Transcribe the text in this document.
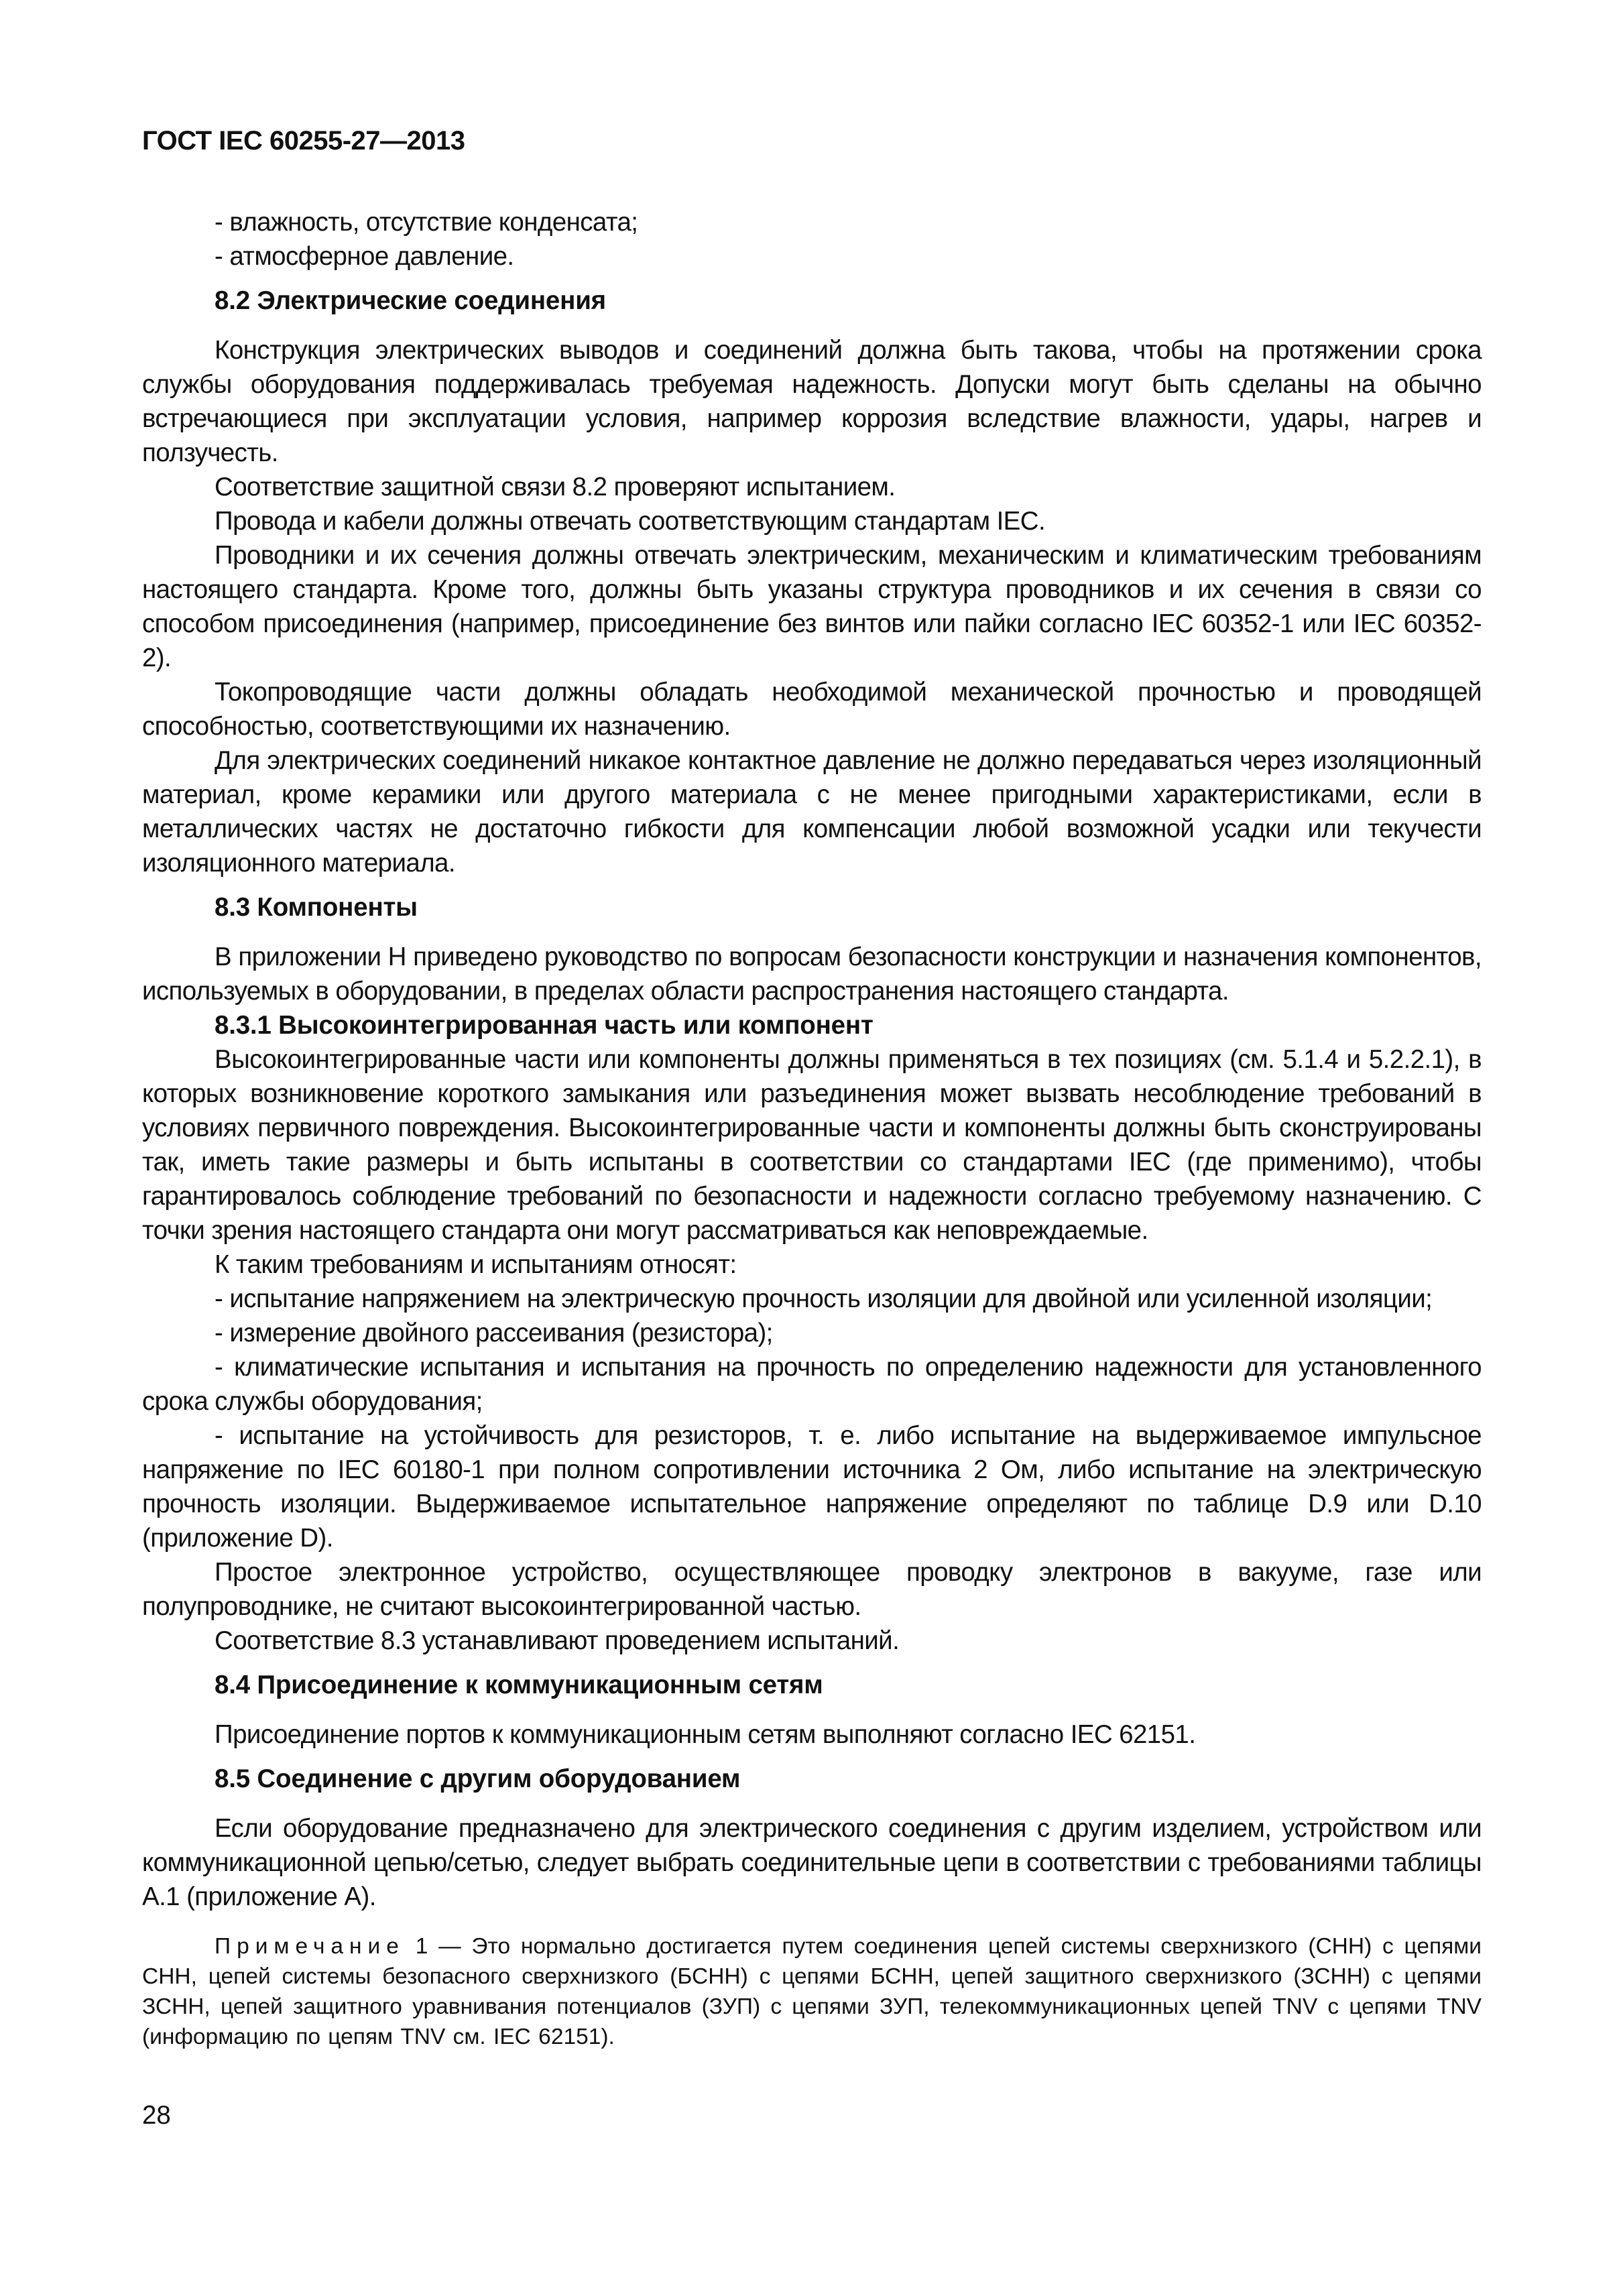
ГОСТ IEC 60255-27—2013

- влажность, отсутствие конденсата;

- атмосферное давление.

8.2 Электрические соединения

Конструкция электрических выводов и соединений должна быть такова, чтобы на протяжении срока службы оборудования поддерживалась требуемая надежность. Допуски могут быть сделаны на обычно встречающиеся при эксплуатации условия, например коррозия вследствие влажности, удары, нагрев и ползучесть.

Соответствие защитной связи 8.2 проверяют испытанием.

Провода и кабели должны отвечать соответствующим стандартам IEC.

Проводники и их сечения должны отвечать электрическим, механическим и климатическим требованиям настоящего стандарта. Кроме того, должны быть указаны структура проводников и их сечения в связи со способом присоединения (например, присоединение без винтов или пайки согласно IEC 60352-1 или IEC 60352-2).

Токопроводящие части должны обладать необходимой механической прочностью и проводящей способностью, соответствующими их назначению.

Для электрических соединений никакое контактное давление не должно передаваться через изоляционный материал, кроме керамики или другого материала с не менее пригодными характеристиками, если в металлических частях не достаточно гибкости для компенсации любой возможной усадки или текучести изоляционного материала.

8.3 Компоненты

В приложении Н приведено руководство по вопросам безопасности конструкции и назначения компонентов, используемых в оборудовании, в пределах области распространения настоящего стандарта.

8.3.1 Высокоинтегрированная часть или компонент

Высокоинтегрированные части или компоненты должны применяться в тех позициях (см. 5.1.4 и 5.2.2.1), в которых возникновение короткого замыкания или разъединения может вызвать несоблюдение требований в условиях первичного повреждения. Высокоинтегрированные части и компоненты должны быть сконструированы так, иметь такие размеры и быть испытаны в соответствии со стандартами IEC (где применимо), чтобы гарантировалось соблюдение требований по безопасности и надежности согласно требуемому назначению. С точки зрения настоящего стандарта они могут рассматриваться как неповреждаемые.

К таким требованиям и испытаниям относят:

- испытание напряжением на электрическую прочность изоляции для двойной или усиленной изоляции;

- измерение двойного рассеивания (резистора);

- климатические испытания и испытания на прочность по определению надежности для установленного срока службы оборудования;

- испытание на устойчивость для резисторов, т. е. либо испытание на выдерживаемое импульсное напряжение по IEC 60180-1 при полном сопротивлении источника 2 Ом, либо испытание на электрическую прочность изоляции. Выдерживаемое испытательное напряжение определяют по таблице D.9 или D.10 (приложение D).

Простое электронное устройство, осуществляющее проводку электронов в вакууме, газе или полупроводнике, не считают высокоинтегрированной частью.

Соответствие 8.3 устанавливают проведением испытаний.

8.4 Присоединение к коммуникационным сетям

Присоединение портов к коммуникационным сетям выполняют согласно IEC 62151.

8.5 Соединение с другим оборудованием

Если оборудование предназначено для электрического соединения с другим изделием, устройством или коммуникационной цепью/сетью, следует выбрать соединительные цепи в соответствии с требованиями таблицы А.1 (приложение А).

Примечание 1 — Это нормально достигается путем соединения цепей системы сверхнизкого (СНН) с цепями СНН, цепей системы безопасного сверхнизкого (БСНН) с цепями БСНН, цепей защитного сверхнизкого (ЗСНН) с цепями ЗСНН, цепей защитного уравнивания потенциалов (ЗУП) с цепями ЗУП, телекоммуникационных цепей TNV с цепями TNV (информацию по цепям TNV см. IEC 62151).

28
